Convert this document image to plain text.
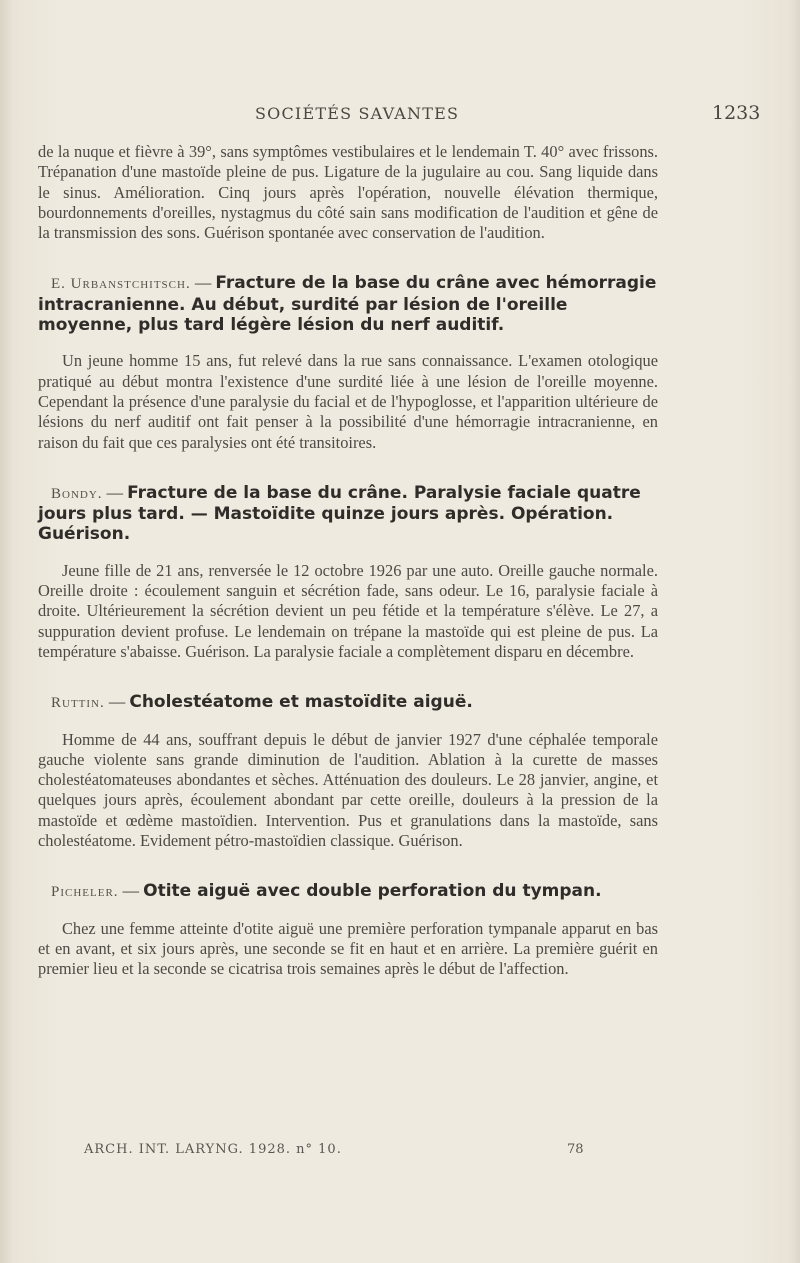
SOCIÉTÉS SAVANTES	1233

de la nuque et fièvre à 39°, sans symptômes vestibulaires et le lendemain T. 40° avec frissons. Trépanation d'une mastoïde pleine de pus. Ligature de la jugulaire au cou. Sang liquide dans le sinus. Amélioration. Cinq jours après l'opération, nouvelle élévation thermique, bourdonnements d'oreilles, nystagmus du côté sain sans modification de l'audition et gêne de la transmission des sons. Guérison spontanée avec conservation de l'audition.

E. Urbanstchitsch. — Fracture de la base du crâne avec hémorragie intracranienne. Au début, surdité par lésion de l'oreille moyenne, plus tard légère lésion du nerf auditif.

Un jeune homme 15 ans, fut relevé dans la rue sans connaissance. L'examen otologique pratiqué au début montra l'existence d'une surdité liée à une lésion de l'oreille moyenne. Cependant la présence d'une paralysie du facial et de l'hypoglosse, et l'apparition ultérieure de lésions du nerf auditif ont fait penser à la possibilité d'une hémorragie intracranienne, en raison du fait que ces paralysies ont été transitoires.

Bondy. — Fracture de la base du crâne. Paralysie faciale quatre jours plus tard. — Mastoïdite quinze jours après. Opération. Guérison.

Jeune fille de 21 ans, renversée le 12 octobre 1926 par une auto. Oreille gauche normale. Oreille droite : écoulement sanguin et sécrétion fade, sans odeur. Le 16, paralysie faciale à droite. Ultérieurement la sécrétion devient un peu fétide et la température s'élève. Le 27, a suppuration devient profuse. Le lendemain on trépane la mastoïde qui est pleine de pus. La température s'abaisse. Guérison. La paralysie faciale a complètement disparu en décembre.

Ruttin. — Cholestéatome et mastoïdite aiguë.

Homme de 44 ans, souffrant depuis le début de janvier 1927 d'une céphalée temporale gauche violente sans grande diminution de l'audition. Ablation à la curette de masses cholestéatomateuses abondantes et sèches. Atténuation des douleurs. Le 28 janvier, angine, et quelques jours après, écoulement abondant par cette oreille, douleurs à la pression de la mastoïde et œdème mastoïdien. Intervention. Pus et granulations dans la mastoïde, sans cholestéatome. Evidement pétro-mastoïdien classique. Guérison.

Picheler. — Otite aiguë avec double perforation du tympan.

Chez une femme atteinte d'otite aiguë une première perforation tympanale apparut en bas et en avant, et six jours après, une seconde se fit en haut et en arrière. La première guérit en premier lieu et la seconde se cicatrisa trois semaines après le début de l'affection.

ARCH. INT. LARYNG. 1928. n° 10.	78
